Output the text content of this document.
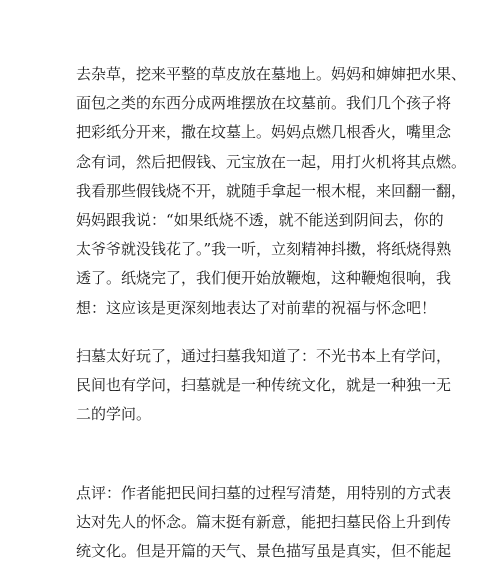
去杂草，挖来平整的草皮放在墓地上。妈妈和婶婶把水果、
面包之类的东西分成两堆摆放在坟墓前。我们几个孩子将
把彩纸分开来，撒在坟墓上。妈妈点燃几根香火，嘴里念
念有词，然后把假钱、元宝放在一起，用打火机将其点燃。
我看那些假钱烧不开，就随手拿起一根木棍，来回翻一翻，
妈妈跟我说：“如果纸烧不透，就不能送到阴间去，你的
太爷爷就没钱花了。”我一听，立刻精神抖擞，将纸烧得熟
透了。纸烧完了，我们便开始放鞭炮，这种鞭炮很响，我
想：这应该是更深刻地表达了对前辈的祝福与怀念吧！
扫墓太好玩了，通过扫墓我知道了：不光书本上有学问，
民间也有学问，扫墓就是一种传统文化，就是一种独一无
二的学问。
点评：作者能把民间扫墓的过程写清楚，用特别的方式表
达对先人的怀念。篇末挺有新意，能把扫墓民俗上升到传
统文化。但是开篇的天气、景色描写虽是真实，但不能起
